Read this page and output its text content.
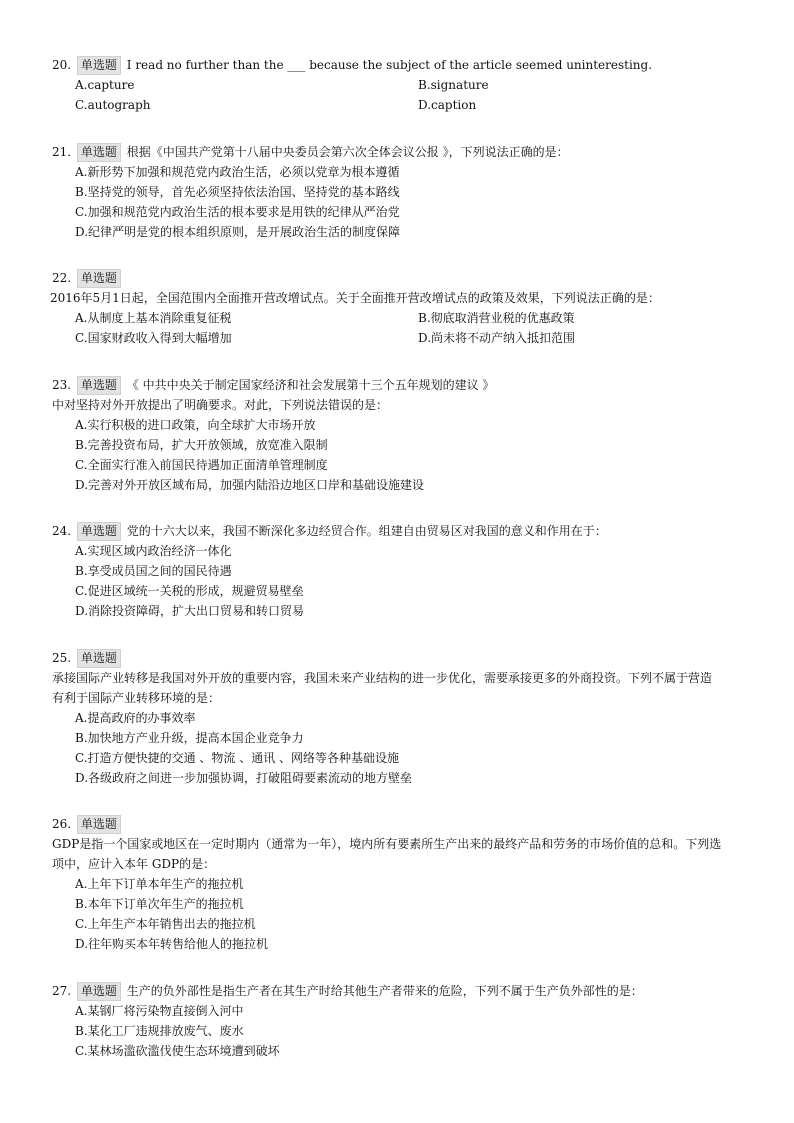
20. 单选题 I read no further than the ___ because the subject of the article seemed uninteresting.
A.capture	B.signature
C.autograph	D.caption
21. 单选题 根据《中国共产党第十八届中央委员会第六次全体会议公报 》，下列说法正确的是：
A.新形势下加强和规范党内政治生活，必须以党章为根本遵循
B.坚持党的领导，首先必须坚持依法治国、坚持党的基本路线
C.加强和规范党内政治生活的根本要求是用铁的纪律从严治党
D.纪律严明是党的根本组织原则，是开展政治生活的制度保障
22. 单选题
2016年5月1日起，全国范围内全面推开营改增试点。关于全面推开营改增试点的政策及效果，下列说法正确的是：
A.从制度上基本消除重复征税	B.彻底取消营业税的优惠政策
C.国家财政收入得到大幅增加	D.尚未将不动产纳入抵扣范围
23. 单选题 《 中共中央关于制定国家经济和社会发展第十三个五年规划的建议 》
中对坚持对外开放提出了明确要求。对此，下列说法错误的是：
A.实行积极的进口政策，向全球扩大市场开放
B.完善投资布局，扩大开放领域，放宽准入限制
C.全面实行准入前国民待遇加正面清单管理制度
D.完善对外开放区域布局，加强内陆沿边地区口岸和基础设施建设
24. 单选题 党的十六大以来，我国不断深化多边经贸合作。组建自由贸易区对我国的意义和作用在于：
A.实现区域内政治经济一体化
B.享受成员国之间的国民待遇
C.促进区域统一关税的形成，规避贸易壁垒
D.消除投资障碍，扩大出口贸易和转口贸易
25. 单选题
承接国际产业转移是我国对外开放的重要内容，我国未来产业结构的进一步优化，需要承接更多的外商投资。下列不属于营造有利于国际产业转移环境的是：
A.提高政府的办事效率
B.加快地方产业升级，提高本国企业竞争力
C.打造方便快捷的交通 、物流 、通讯 、网络等各种基础设施
D.各级政府之间进一步加强协调，打破阻碍要素流动的地方壁垒
26. 单选题
GDP是指一个国家或地区在一定时期内（通常为一年），境内所有要素所生产出来的最终产品和劳务的市场价值的总和。下列选项中，应计入本年 GDP的是：
A.上年下订单本年生产的拖拉机
B.本年下订单次年生产的拖拉机
C.上年生产本年销售出去的拖拉机
D.往年购买本年转售给他人的拖拉机
27. 单选题 生产的负外部性是指生产者在其生产时给其他生产者带来的危险，下列不属于生产负外部性的是：
A.某钢厂将污染物直接倒入河中
B.某化工厂违规排放废气、废水
C.某林场滥砍滥伐使生态环境遭到破坏
